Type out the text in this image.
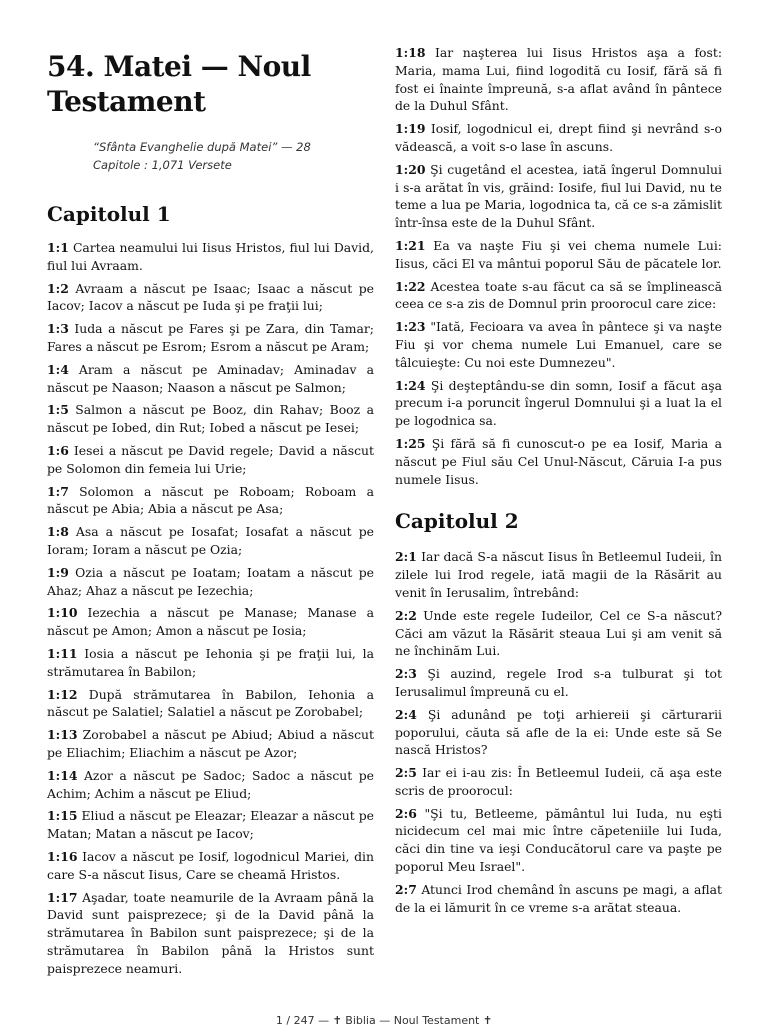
54. Matei — Noul Testament
“Sfânta Evanghelie după Matei” — 28 Capitole : 1,071 Versete
Capitolul 1

1:1 Cartea neamului lui Iisus Hristos, fiul lui David, fiul lui Avraam.

1:2 Avraam a născut pe Isaac; Isaac a născut pe Iacov; Iacov a născut pe Iuda şi pe fraţii lui;

1:3 Iuda a născut pe Fares şi pe Zara, din Tamar; Fares a născut pe Esrom; Esrom a născut pe Aram;

1:4 Aram a născut pe Aminadav; Aminadav a născut pe Naason; Naason a născut pe Salmon;

1:5 Salmon a născut pe Booz, din Rahav; Booz a născut pe Iobed, din Rut; Iobed a născut pe Iesei;

1:6 Iesei a născut pe David regele; David a născut pe Solomon din femeia lui Urie;

1:7 Solomon a născut pe Roboam; Roboam a născut pe Abia; Abia a născut pe Asa;

1:8 Asa a născut pe Iosafat; Iosafat a născut pe Ioram; Ioram a născut pe Ozia;

1:9 Ozia a născut pe Ioatam; Ioatam a născut pe Ahaz; Ahaz a născut pe Iezechia;

1:10 Iezechia a născut pe Manase; Manase a născut pe Amon; Amon a născut pe Iosia;

1:11 Iosia a născut pe Iehonia şi pe fraţii lui, la strămutarea în Babilon;

1:12 După strămutarea în Babilon, Iehonia a născut pe Salatiel; Salatiel a născut pe Zorobabel;

1:13 Zorobabel a născut pe Abiud; Abiud a născut pe Eliachim; Eliachim a născut pe Azor;

1:14 Azor a născut pe Sadoc; Sadoc a născut pe Achim; Achim a născut pe Eliud;

1:15 Eliud a născut pe Eleazar; Eleazar a născut pe Matan; Matan a născut pe Iacov;

1:16 Iacov a născut pe Iosif, logodnicul Mariei, din care S-a născut Iisus, Care se cheamă Hristos.

1:17 Aşadar, toate neamurile de la Avraam până la David sunt paisprezece; şi de la David până la strămutarea în Babilon sunt paisprezece; şi de la strămutarea în Babilon până la Hristos sunt paisprezece neamuri.

1:18 Iar naşterea lui Iisus Hristos aşa a fost: Maria, mama Lui, fiind logodită cu Iosif, fără să fi fost ei înainte împreună, s-a aflat având în pântece de la Duhul Sfânt.

1:19 Iosif, logodnicul ei, drept fiind şi nevrând s-o vădească, a voit s-o lase în ascuns.

1:20 Şi cugetând el acestea, iată îngerul Domnului i s-a arătat în vis, grăind: Iosife, fiul lui David, nu te teme a lua pe Maria, logodnica ta, că ce s-a zămislit într-însa este de la Duhul Sfânt.

1:21 Ea va naşte Fiu şi vei chema numele Lui: Iisus, căci El va mântui poporul Său de păcatele lor.

1:22 Acestea toate s-au făcut ca să se împlinească ceea ce s-a zis de Domnul prin proorocul care zice:

1:23 "Iată, Fecioara va avea în pântece şi va naşte Fiu şi vor chema numele Lui Emanuel, care se tâlcuieşte: Cu noi este Dumnezeu".

1:24 Şi deşteptându-se din somn, Iosif a făcut aşa precum i-a poruncit îngerul Domnului şi a luat la el pe logodnica sa.

1:25 Şi fără să fi cunoscut-o pe ea Iosif, Maria a născut pe Fiul său Cel Unul-Născut, Căruia I-a pus numele Iisus.

Capitolul 2

2:1 Iar dacă S-a născut Iisus în Betleemul Iudeii, în zilele lui Irod regele, iată magii de la Răsărit au venit în Ierusalim, întrebând:

2:2 Unde este regele Iudeilor, Cel ce S-a născut? Căci am văzut la Răsărit steaua Lui şi am venit să ne închinăm Lui.

2:3 Şi auzind, regele Irod s-a tulburat şi tot Ierusalimul împreună cu el.

2:4 Şi adunând pe toţi arhiereii şi cărturarii poporului, căuta să afle de la ei: Unde este să Se nască Hristos?

2:5 Iar ei i-au zis: În Betleemul Iudeii, că aşa este scris de proorocul:

2:6 "Şi tu, Betleeme, pământul lui Iuda, nu eşti nicidecum cel mai mic între căpeteniile lui Iuda, căci din tine va ieşi Conducătorul care va paşte pe poporul Meu Israel".

2:7 Atunci Irod chemând în ascuns pe magi, a aflat de la ei lămurit în ce vreme s-a arătat steaua.

1 / 247 — ✝ Biblia — Noul Testament ✝
